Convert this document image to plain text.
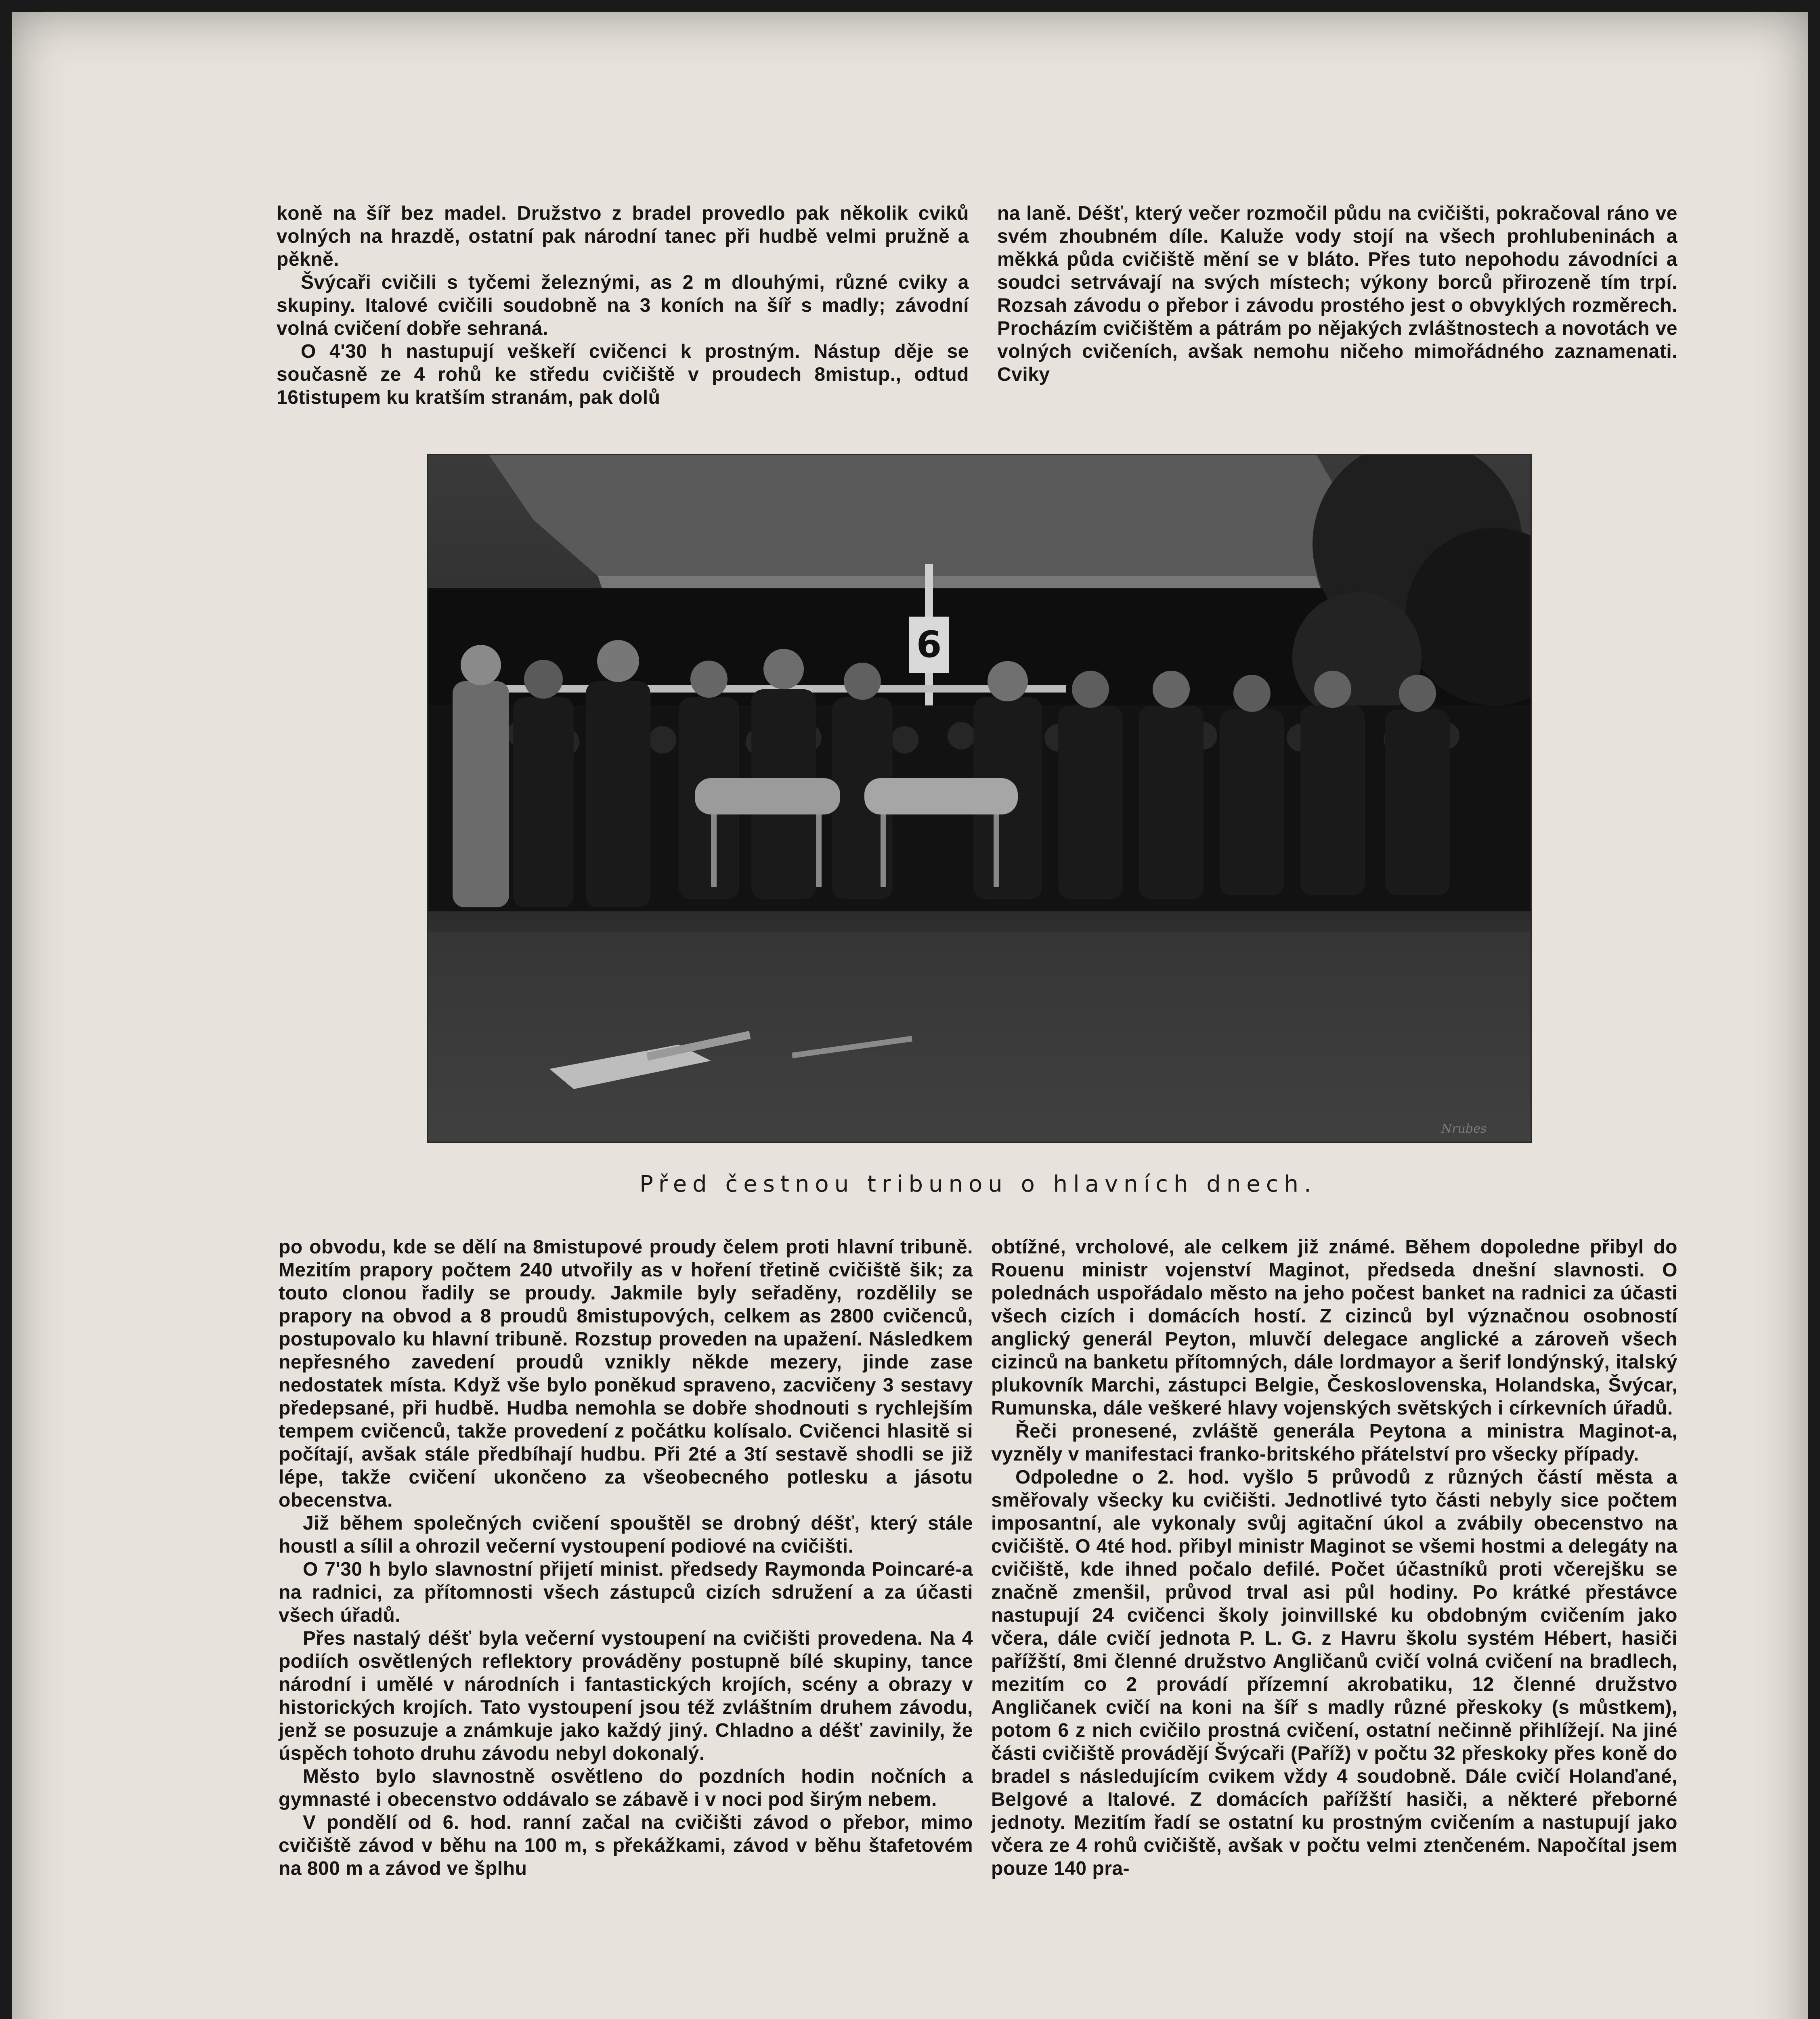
koně na šíř bez madel. Družstvo z bradel provedlo pak několik cviků volných na hrazdě, ostatní pak národní tanec při hudbě velmi pružně a pěkně.

Švýcaři cvičili s tyčemi železnými, as 2 m dlouhými, různé cviky a skupiny. Italové cvičili soudobně na 3 koních na šíř s madly; závodní volná cvičení dobře sehraná.

O 4'30 h nastupují veškeří cvičenci k prostným. Nástup děje se současně ze 4 rohů ke středu cvičiště v proudech 8mistup., odtud 16tistupem ku kratším stranám, pak dolů

na laně. Déšť, který večer rozmočil půdu na cvičišti, pokračoval ráno ve svém zhoubném díle. Kaluže vody stojí na všech prohlubeninách a měkká půda cvičiště mění se v bláto. Přes tuto nepohodu závodníci a soudci setrvávají na svých místech; výkony borců přirozeně tím trpí. Rozsah závodu o přebor i závodu prostého jest o obvyklých rozměrech. Procházím cvičištěm a pátrám po nějakých zvláštnostech a novotách ve volných cvičeních, avšak nemohu ničeho mimořádného zaznamenati. Cviky

6
Nrubes
Před čestnou tribunou o hlavních dnech.

po obvodu, kde se dělí na 8mistupové proudy čelem proti hlavní tribuně. Mezitím prapory počtem 240 utvořily as v hoření třetině cvičiště šik; za touto clonou řadily se proudy. Jakmile byly seřaděny, rozdělily se prapory na obvod a 8 proudů 8mistupových, celkem as 2800 cvičenců, postupovalo ku hlavní tribuně. Rozstup proveden na upažení. Následkem nepřesného zavedení proudů vznikly někde mezery, jinde zase nedostatek místa. Když vše bylo poněkud spraveno, zacvičeny 3 sestavy předepsané, při hudbě. Hudba nemohla se dobře shodnouti s rychlejším tempem cvičenců, takže provedení z počátku kolísalo. Cvičenci hlasitě si počítají, avšak stále předbíhají hudbu. Při 2té a 3tí sestavě shodli se již lépe, takže cvičení ukončeno za všeobecného potlesku a jásotu obecenstva.

Již během společných cvičení spouštěl se drobný déšť, který stále houstl a sílil a ohrozil večerní vystoupení podiové na cvičišti.

O 7'30 h bylo slavnostní přijetí minist. předsedy Raymonda Poincaré-a na radnici, za přítomnosti všech zástupců cizích sdružení a za účasti všech úřadů.

Přes nastalý déšť byla večerní vystoupení na cvičišti provedena. Na 4 podiích osvětlených reflektory prováděny postupně bílé skupiny, tance národní i umělé v národních i fantastických krojích, scény a obrazy v historických krojích. Tato vystoupení jsou též zvláštním druhem závodu, jenž se posuzuje a známkuje jako každý jiný. Chladno a déšť zavinily, že úspěch tohoto druhu závodu nebyl dokonalý.

Město bylo slavnostně osvětleno do pozdních hodin nočních a gymnasté i obecenstvo oddávalo se zábavě i v noci pod širým nebem.

V pondělí od 6. hod. ranní začal na cvičišti závod o přebor, mimo cvičiště závod v běhu na 100 m, s překážkami, závod v běhu štafetovém na 800 m a závod ve šplhu

obtížné, vrcholové, ale celkem již známé. Během dopoledne přibyl do Rouenu ministr vojenství Maginot, předseda dnešní slavnosti. O polednách uspořádalo město na jeho počest banket na radnici za účasti všech cizích i domácích hostí. Z cizinců byl význačnou osobností anglický generál Peyton, mluvčí delegace anglické a zároveň všech cizinců na banketu přítomných, dále lordmayor a šerif londýnský, italský plukovník Marchi, zástupci Belgie, Československa, Holandska, Švýcar, Rumunska, dále veškeré hlavy vojenských světských i církevních úřadů.

Řeči pronesené, zvláště generála Peytona a ministra Maginot-a, vyzněly v manifestaci franko-britského přátelství pro všecky případy.

Odpoledne o 2. hod. vyšlo 5 průvodů z různých částí města a směřovaly všecky ku cvičišti. Jednotlivé tyto části nebyly sice počtem imposantní, ale vykonaly svůj agitační úkol a zvábily obecenstvo na cvičiště. O 4té hod. přibyl ministr Maginot se všemi hostmi a delegáty na cvičiště, kde ihned počalo defilé. Počet účastníků proti včerejšku se značně zmenšil, průvod trval asi půl hodiny. Po krátké přestávce nastupují 24 cvičenci školy joinvillské ku obdobným cvičením jako včera, dále cvičí jednota P. L. G. z Havru školu systém Hébert, hasiči pařížští, 8mi členné družstvo Angličanů cvičí volná cvičení na bradlech, mezitím co 2 provádí přízemní akrobatiku, 12 členné družstvo Angličanek cvičí na koni na šíř s madly různé přeskoky (s můstkem), potom 6 z nich cvičilo prostná cvičení, ostatní nečinně přihlížejí. Na jiné části cvičiště provádějí Švýcaři (Paříž) v počtu 32 přeskoky přes koně do bradel s následujícím cvikem vždy 4 soudobně. Dále cvičí Holanďané, Belgové a Italové. Z domácích pařížští hasiči, a některé přeborné jednoty. Mezitím řadí se ostatní ku prostným cvičením a nastupují jako včera ze 4 rohů cvičiště, avšak v počtu velmi ztenčeném. Napočítal jsem pouze 140 pra-
